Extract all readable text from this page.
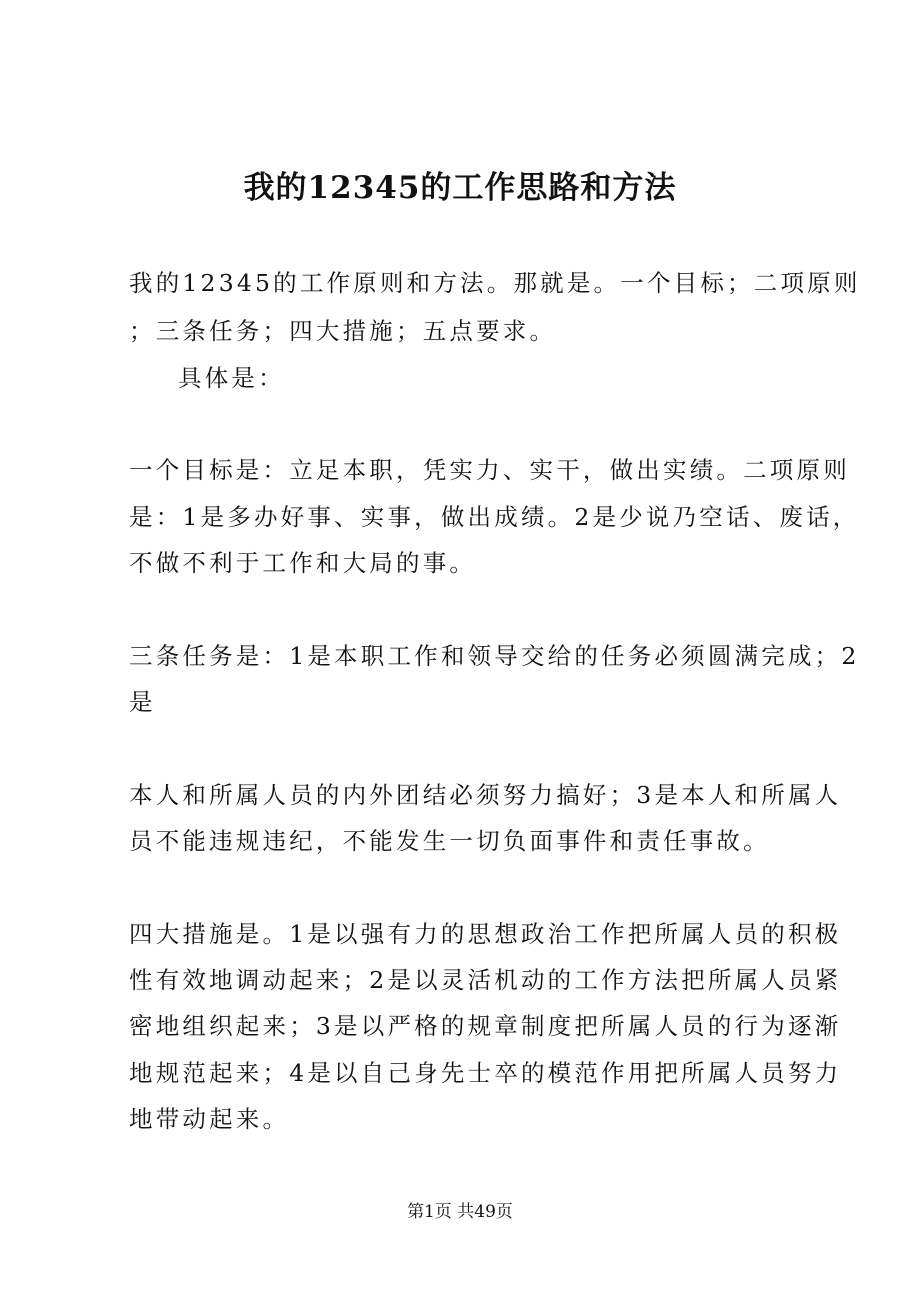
我的12345的工作思路和方法

我的12345的工作原则和方法。那就是。一个目标；二项原则

；三条任务；四大措施；五点要求。

具体是：

一个目标是：立足本职，凭实力、实干，做出实绩。二项原则

是：1是多办好事、实事，做出成绩。2是少说乃空话、废话，

不做不利于工作和大局的事。

三条任务是：1是本职工作和领导交给的任务必须圆满完成；2

是

本人和所属人员的内外团结必须努力搞好；3是本人和所属人

员不能违规违纪，不能发生一切负面事件和责任事故。

四大措施是。1是以强有力的思想政治工作把所属人员的积极

性有效地调动起来；2是以灵活机动的工作方法把所属人员紧

密地组织起来；3是以严格的规章制度把所属人员的行为逐渐

地规范起来；4是以自己身先士卒的模范作用把所属人员努力

地带动起来。

第1页 共49页
